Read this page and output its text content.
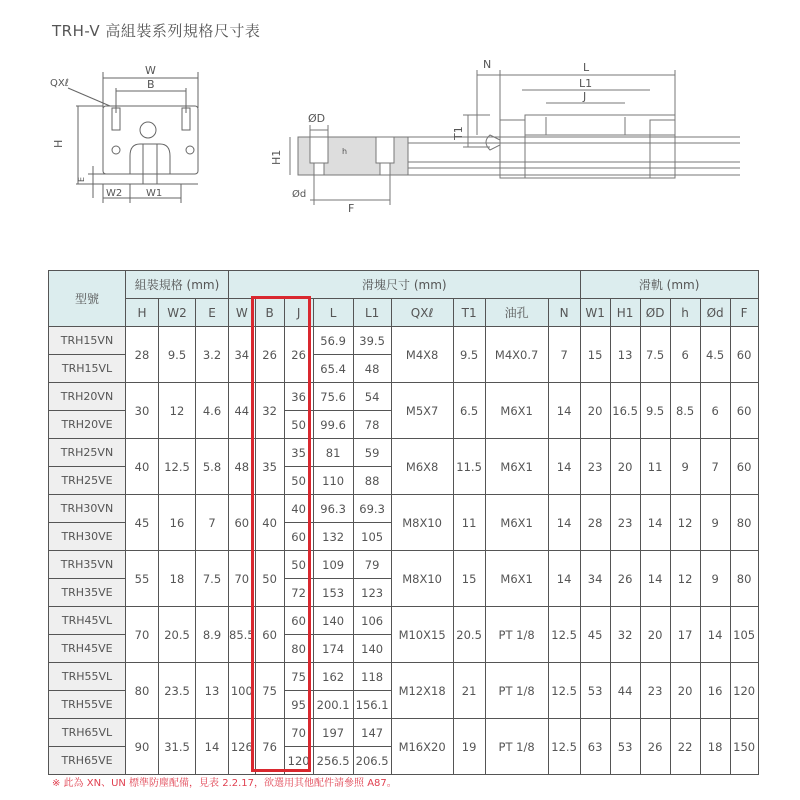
TRH-V 高組裝系列規格尺寸表
W
B
QXℓ
H
E
W2 W1
ØD
H1	h
Ød
F
N	L
L1
J
T1
型號	組裝規格 (mm)			滑塊尺寸 (mm)									滑軌 (mm)					
	H	W2	E	W	B	J	L	L1	QXℓ	T1	油孔	N	W1	H1	ØD	h	Ød	F
TRH15VN	28	9.5	3.2	34	26	26	56.9	39.5	M4X8	9.5	M4X0.7	7	15	13	7.5	6	4.5	60
TRH15VL							65.4	48										
TRH20VN	30	12	4.6	44	32	36	75.6	54	M5X7	6.5	M6X1	14	20	16.5	9.5	8.5	6	60
TRH20VE						50	99.6	78										
TRH25VN	40	12.5	5.8	48	35	35	81	59	M6X8	11.5	M6X1	14	23	20	11	9	7	60
TRH25VE						50	110	88										
TRH30VN	45	16	7	60	40	40	96.3	69.3	M8X10	11	M6X1	14	28	23	14	12	9	80
TRH30VE						60	132	105										
TRH35VN	55	18	7.5	70	50	50	109	79	M8X10	15	M6X1	14	34	26	14	12	9	80
TRH35VE						72	153	123										
TRH45VL	70	20.5	8.9	85.5	60	60	140	106	M10X15	20.5	PT 1/8	12.5	45	32	20	17	14	105
TRH45VE						80	174	140										
TRH55VL	80	23.5	13	100	75	75	162	118	M12X18	21	PT 1/8	12.5	53	44	23	20	16	120
TRH55VE						95	200.1	156.1										
TRH65VL	90	31.5	14	126	76	70	197	147	M16X20	19	PT 1/8	12.5	63	53	26	22	18	150
TRH65VE						120	256.5	206.5										
※ 此為 XN、UN 標準防塵配備，見表 2.2.17，欲選用其他配件請參照 A87。
